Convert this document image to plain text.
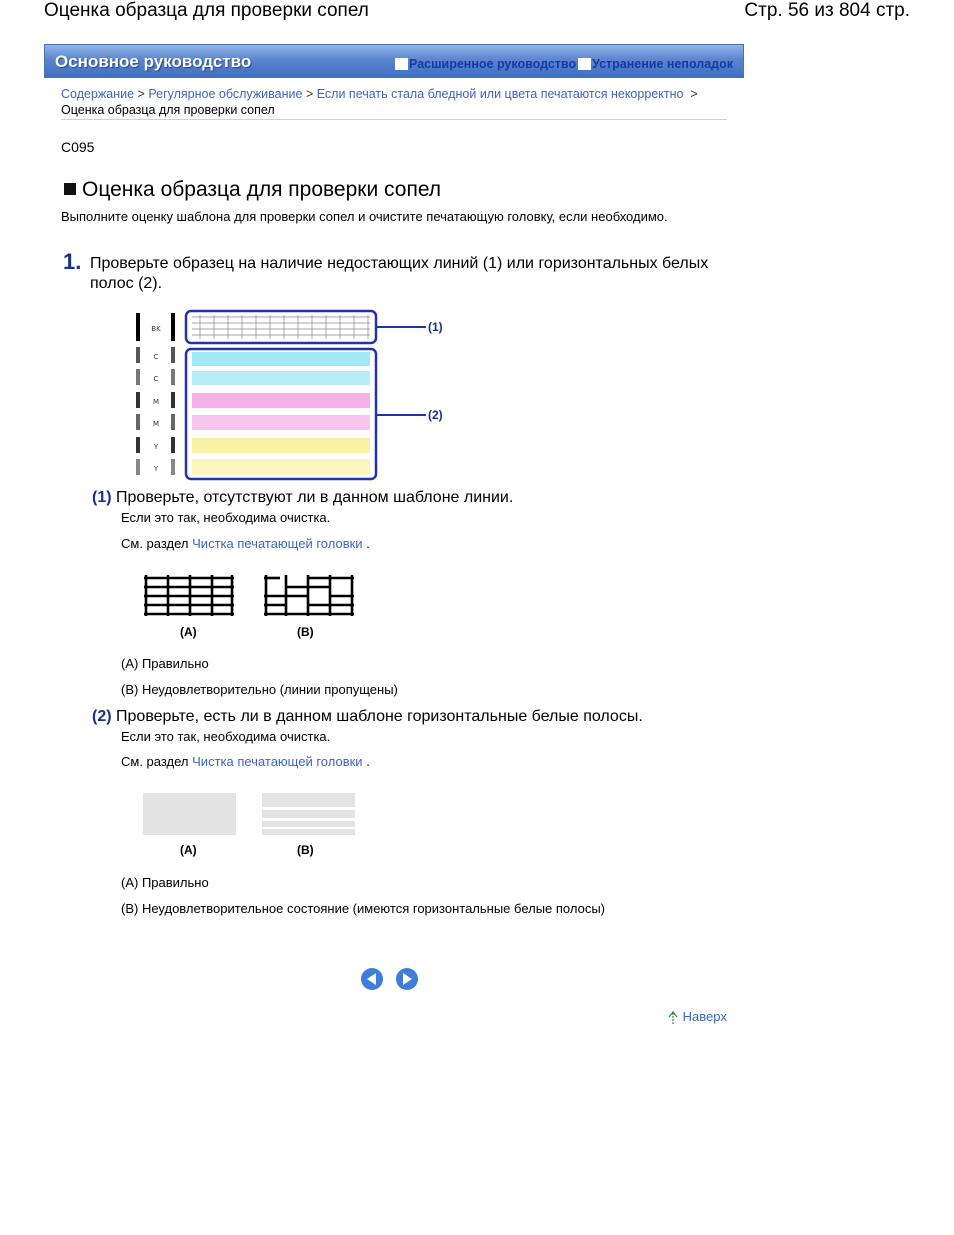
Оценка образца для проверки сопел	Стр. 56 из 804 стр.
Основное руководство	Расширенное руководство Устранение неполадок
Содержание > Регулярное обслуживание > Если печать стала бледной или цвета печатаются некорректно >
Оценка образца для проверки сопел
C095
Оценка образца для проверки сопел
Выполните оценку шаблона для проверки сопел и очистите печатающую головку, если необходимо.
1. Проверьте образец на наличие недостающих линий (1) или горизонтальных белых полос (2).
BK
C
C
M
M
Y
Y
(1)
(2)
(1) Проверьте, отсутствуют ли в данном шаблоне линии.
Если это так, необходима очистка.
См. раздел Чистка печатающей головки .
(A)	(B)
(A) Правильно
(B) Неудовлетворительно (линии пропущены)
(2) Проверьте, есть ли в данном шаблоне горизонтальные белые полосы.
Если это так, необходима очистка.
См. раздел Чистка печатающей головки .
(A)	(B)
(A) Правильно
(B) Неудовлетворительное состояние (имеются горизонтальные белые полосы)
Наверх
